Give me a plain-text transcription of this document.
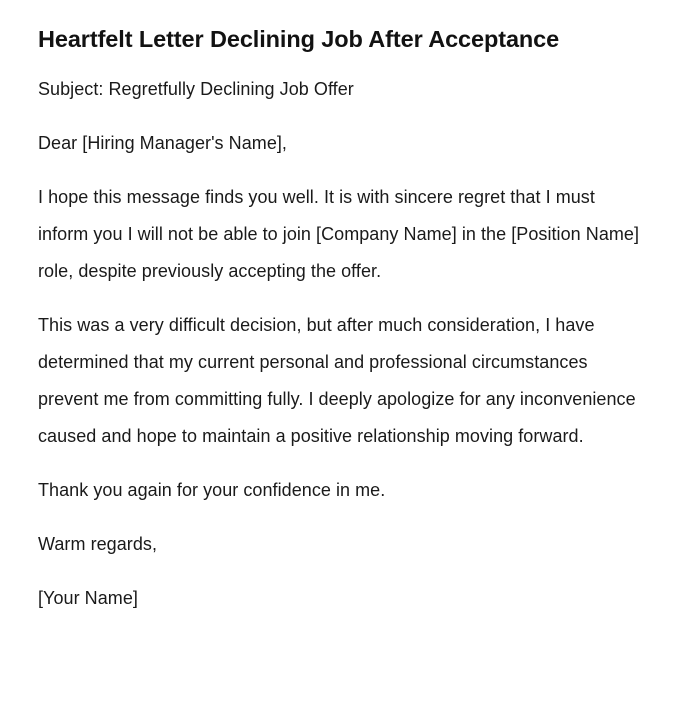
Heartfelt Letter Declining Job After Acceptance

Subject: Regretfully Declining Job Offer

Dear [Hiring Manager's Name],

I hope this message finds you well. It is with sincere regret that I must inform you I will not be able to join [Company Name] in the [Position Name] role, despite previously accepting the offer.

This was a very difficult decision, but after much consideration, I have determined that my current personal and professional circumstances prevent me from committing fully. I deeply apologize for any inconvenience caused and hope to maintain a positive relationship moving forward.

Thank you again for your confidence in me.

Warm regards,

[Your Name]
